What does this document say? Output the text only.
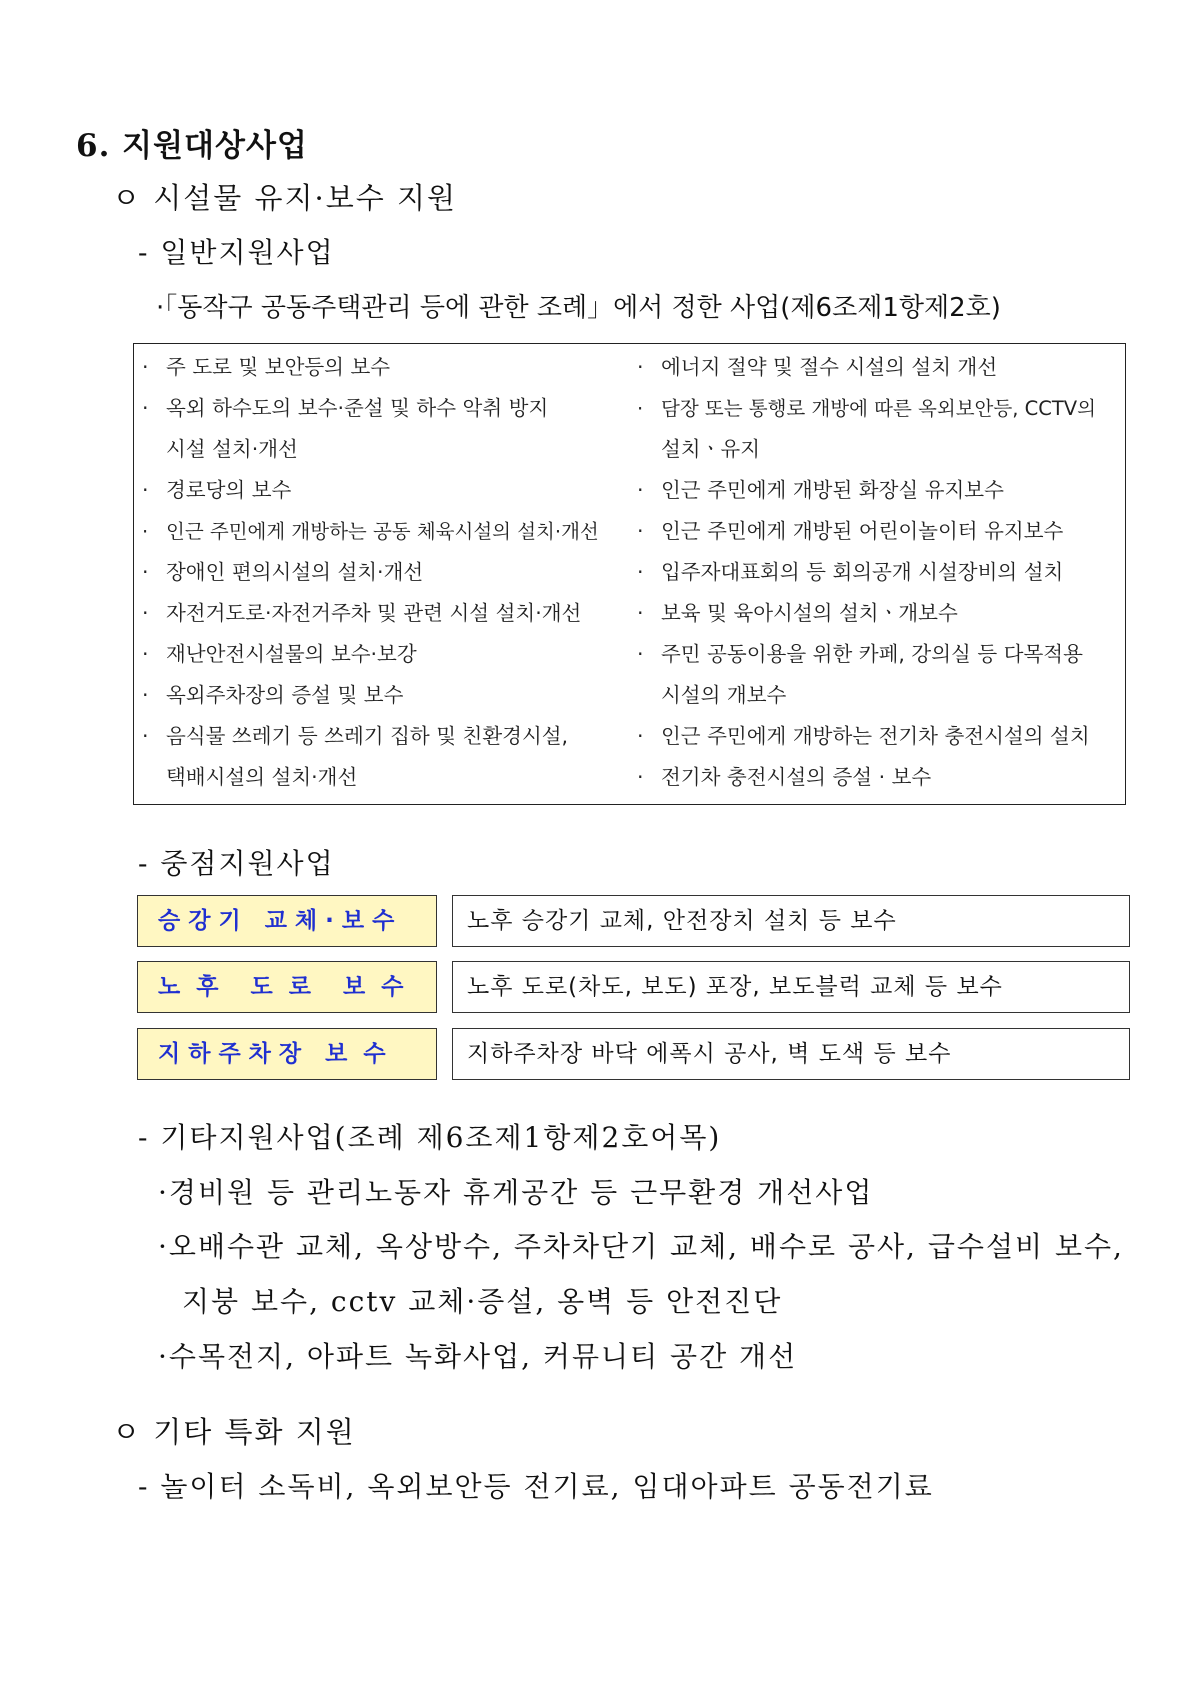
6. 지원대상사업
ㅇ 시설물 유지·보수 지원
- 일반지원사업
·「동작구 공동주택관리 등에 관한 조례」에서 정한 사업(제6조제1항제2호)
· 주 도로 및 보안등의 보수
· 옥외 하수도의 보수·준설 및 하수 악취 방지
시설 설치·개선
· 경로당의 보수
· 인근 주민에게 개방하는 공동 체육시설의 설치·개선
· 장애인 편의시설의 설치·개선
· 자전거도로·자전거주차 및 관련 시설 설치·개선
· 재난안전시설물의 보수·보강
· 옥외주차장의 증설 및 보수
· 음식물 쓰레기 등 쓰레기 집하 및 친환경시설,
택배시설의 설치·개선
· 에너지 절약 및 절수 시설의 설치 개선
· 담장 또는 통행로 개방에 따른 옥외보안등, CCTV의
설치ㆍ유지
· 인근 주민에게 개방된 화장실 유지보수
· 인근 주민에게 개방된 어린이놀이터 유지보수
· 입주자대표회의 등 회의공개 시설장비의 설치
· 보육 및 육아시설의 설치ㆍ개보수
· 주민 공동이용을 위한 카페, 강의실 등 다목적용
시설의 개보수
· 인근 주민에게 개방하는 전기차 충전시설의 설치
· 전기차 충전시설의 증설 · 보수
- 중점지원사업
승 강 기   교 체 · 보 수	노후 승강기 교체, 안전장치 설치 등 보수
노  후    도  로    보  수	노후 도로(차도, 보도) 포장, 보도블럭 교체 등 보수
지 하 주 차 장   보  수	지하주차장 바닥 에폭시 공사, 벽 도색 등 보수
- 기타지원사업(조례 제6조제1항제2호어목)
·경비원 등 관리노동자 휴게공간 등 근무환경 개선사업
·오배수관 교체, 옥상방수, 주차차단기 교체, 배수로 공사, 급수설비 보수,
지붕 보수, cctv 교체·증설, 옹벽 등 안전진단
·수목전지, 아파트 녹화사업, 커뮤니티 공간 개선
ㅇ 기타 특화 지원
- 놀이터 소독비, 옥외보안등 전기료, 임대아파트 공동전기료
